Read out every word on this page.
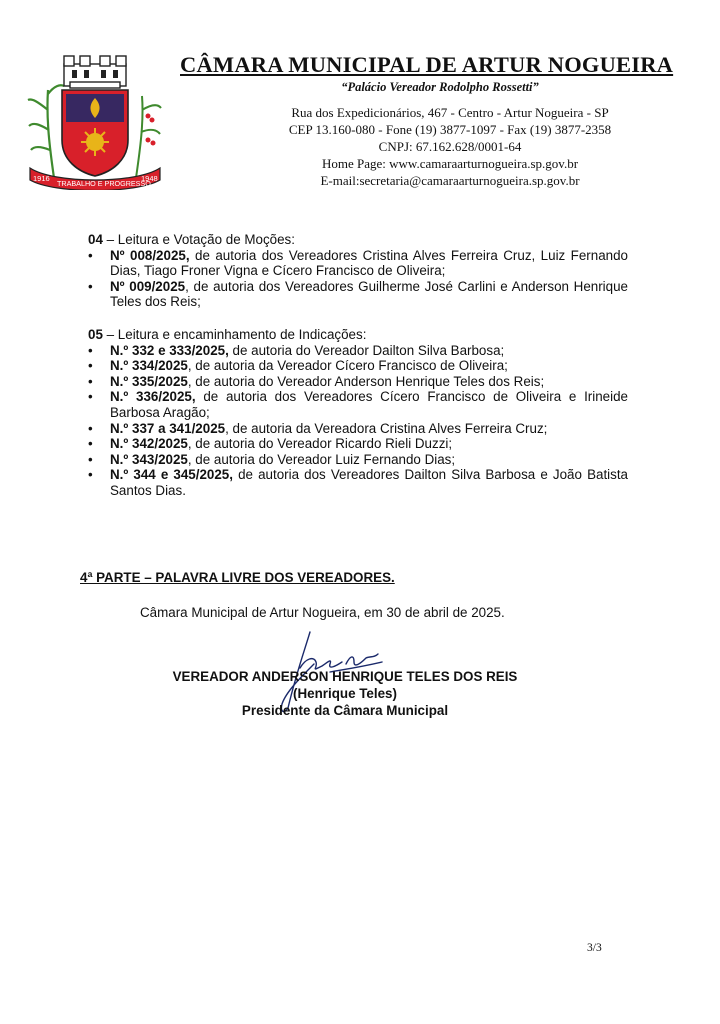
1916
TRABALHO E PROGRESSO
1948
CÂMARA MUNICIPAL DE ARTUR NOGUEIRA
“Palácio Vereador Rodolpho Rossetti”
Rua dos Expedicionários, 467 - Centro - Artur Nogueira - SP
CEP 13.160-080 - Fone (19) 3877-1097 - Fax (19) 3877-2358
CNPJ: 67.162.628/0001-64
Home Page: www.camaraarturnogueira.sp.gov.br
E-mail:secretaria@camaraarturnogueira.sp.gov.br
04 – Leitura e Votação de Moções:
• Nº 008/2025, de autoria dos Vereadores Cristina Alves Ferreira Cruz, Luiz Fernando Dias, Tiago Froner Vigna e Cícero Francisco de Oliveira;
• Nº 009/2025, de autoria dos Vereadores Guilherme José Carlini e Anderson Henrique Teles dos Reis;
05 – Leitura e encaminhamento de Indicações:
• N.º 332 e 333/2025, de autoria do Vereador Dailton Silva Barbosa;
• N.º 334/2025, de autoria da Vereador Cícero Francisco de Oliveira;
• N.º 335/2025, de autoria do Vereador Anderson Henrique Teles dos Reis;
• N.º 336/2025, de autoria dos Vereadores Cícero Francisco de Oliveira e Irineide Barbosa Aragão;
• N.º 337 a 341/2025, de autoria da Vereadora Cristina Alves Ferreira Cruz;
• N.º 342/2025, de autoria do Vereador Ricardo Rieli Duzzi;
• N.º 343/2025, de autoria do Vereador Luiz Fernando Dias;
• N.º 344 e 345/2025, de autoria dos Vereadores Dailton Silva Barbosa e João Batista Santos Dias.
4ª PARTE – PALAVRA LIVRE DOS VEREADORES.
Câmara Municipal de Artur Nogueira, em 30 de abril de 2025.
VEREADOR ANDERSON HENRIQUE TELES DOS REIS
(Henrique Teles)
Presidente da Câmara Municipal
3/3
